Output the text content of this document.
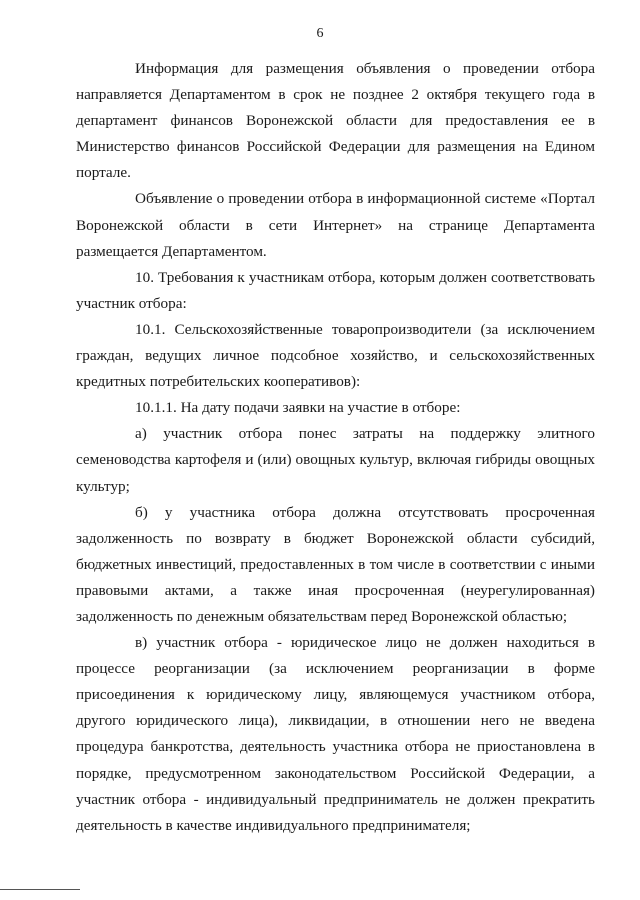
6

Информация для размещения объявления о проведении отбора направляется Департаментом в срок не позднее 2 октября текущего года в департамент финансов Воронежской области для предоставления ее в Министерство финансов Российской Федерации для размещения на Едином портале.

Объявление о проведении отбора в информационной системе «Портал Воронежской области в сети Интернет» на странице Департамента размещается Департаментом.

10. Требования к участникам отбора, которым должен соответствовать участник отбора:

10.1. Сельскохозяйственные товаропроизводители (за исключением граждан, ведущих личное подсобное хозяйство, и сельскохозяйственных кредитных потребительских кооперативов):

10.1.1. На дату подачи заявки на участие в отборе:

а) участник отбора понес затраты на поддержку элитного семеноводства картофеля и (или) овощных культур, включая гибриды овощных культур;

б) у участника отбора должна отсутствовать просроченная задолженность по возврату в бюджет Воронежской области субсидий, бюджетных инвестиций, предоставленных в том числе в соответствии с иными правовыми актами, а также иная просроченная (неурегулированная) задолженность по денежным обязательствам перед Воронежской областью;

в) участник отбора - юридическое лицо не должен находиться в процессе реорганизации (за исключением реорганизации в форме присоединения к юридическому лицу, являющемуся участником отбора, другого юридического лица), ликвидации, в отношении него не введена процедура банкротства, деятельность участника отбора не приостановлена в порядке, предусмотренном законодательством Российской Федерации, а участник отбора - индивидуальный предприниматель не должен прекратить деятельность в качестве индивидуального предпринимателя;
